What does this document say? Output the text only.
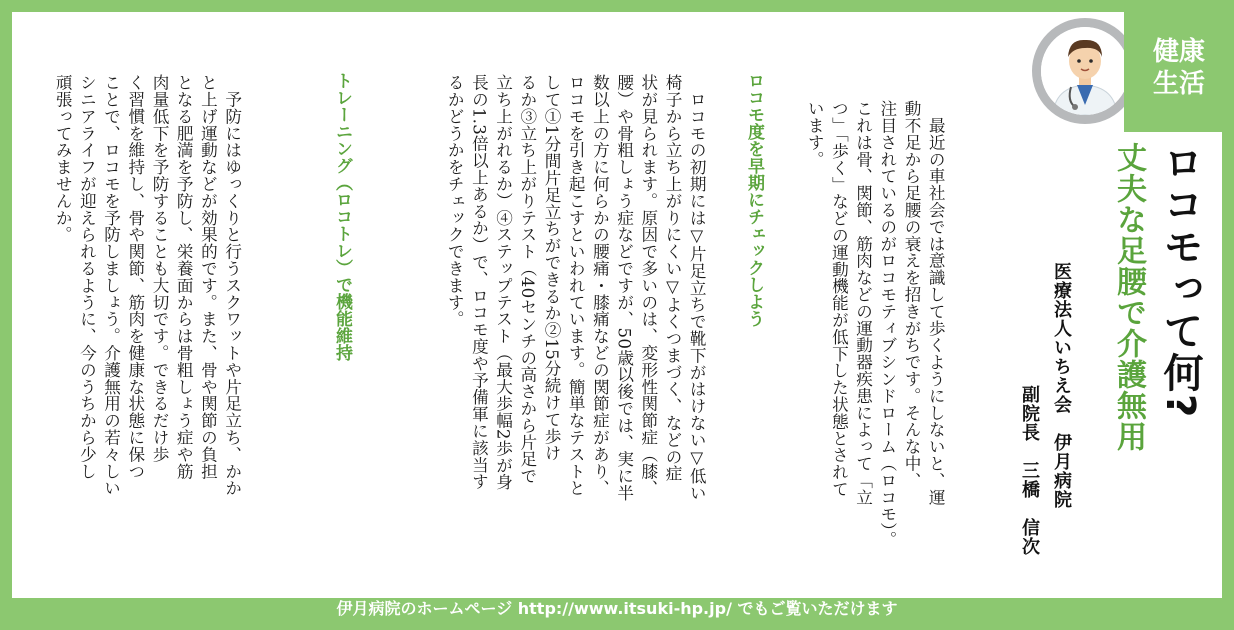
健康
生活
ロコモって何?
丈夫な足腰で介護無用
医療法人いちえ会　伊月病院
副院長　三橋　信次
　最近の車社会では意識して歩くようにしないと、運
動不足から足腰の衰えを招きがちです。そんな中、
注目されているのがロコモティブシンドローム（ロコモ）。
これは骨、関節、筋肉などの運動器疾患によって「立
つ」「歩く」などの運動機能が低下した状態とされて
います。
ロコモ度を早期にチェックしよう
　ロコモの初期には▽片足立ちで靴下がはけない▽低い
椅子から立ち上がりにくい▽よくつまづく、などの症
状が見られます。原因で多いのは、変形性関節症（膝、
腰）や骨粗しょう症などですが、50歳以後では、実に半
数以上の方に何らかの腰痛・膝痛などの関節症があり、
ロコモを引き起こすといわれています。簡単なテストと
して①1分間片足立ちができるか②15分続けて歩け
るか③立ち上がりテスト（40センチの高さから片足で
立ち上がれるか）④ステップテスト（最大歩幅2歩が身
長の1.3倍以上あるか）で、ロコモ度や予備軍に該当す
るかどうかをチェックできます。
トレーニング（ロコトレ）で機能維持
　予防にはゆっくりと行うスクワットや片足立ち、かか
と上げ運動などが効果的です。また、骨や関節の負担
となる肥満を予防し、栄養面からは骨粗しょう症や筋
肉量低下を予防することも大切です。できるだけ歩
く習慣を維持し、骨や関節、筋肉を健康な状態に保つ
ことで、ロコモを予防しましょう。介護無用の若々しい
シニアライフが迎えられるように、今のうちから少し
頑張ってみませんか。
伊月病院のホームページ http://www.itsuki-hp.jp/ でもご覧いただけます
